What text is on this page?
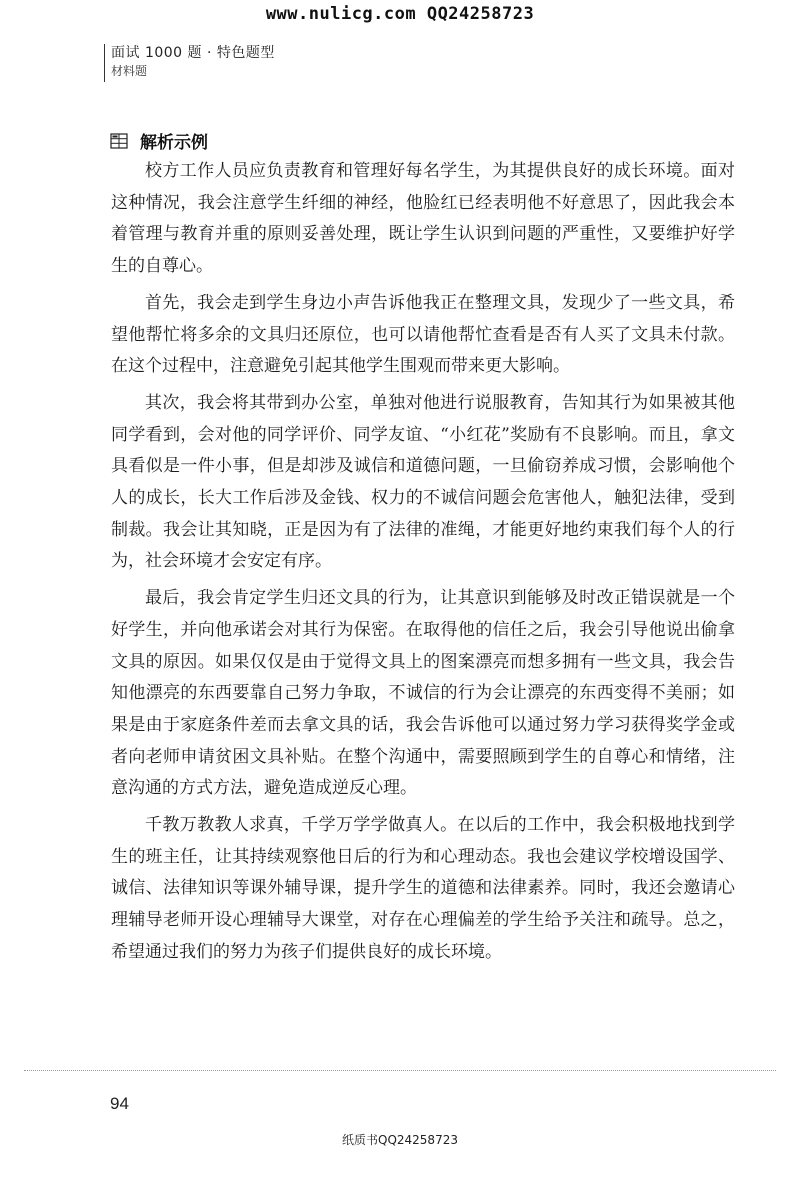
www.nulicg.com QQ24258723
面试 1000 题 · 特色题型
材料题
解析示例

校方工作人员应负责教育和管理好每名学生，为其提供良好的成长环境。面对这种情况，我会注意学生纤细的神经，他脸红已经表明他不好意思了，因此我会本着管理与教育并重的原则妥善处理，既让学生认识到问题的严重性，又要维护好学生的自尊心。

首先，我会走到学生身边小声告诉他我正在整理文具，发现少了一些文具，希望他帮忙将多余的文具归还原位，也可以请他帮忙查看是否有人买了文具未付款。在这个过程中，注意避免引起其他学生围观而带来更大影响。

其次，我会将其带到办公室，单独对他进行说服教育，告知其行为如果被其他同学看到，会对他的同学评价、同学友谊、“小红花”奖励有不良影响。而且，拿文具看似是一件小事，但是却涉及诚信和道德问题，一旦偷窃养成习惯，会影响他个人的成长，长大工作后涉及金钱、权力的不诚信问题会危害他人，触犯法律，受到制裁。我会让其知晓，正是因为有了法律的准绳，才能更好地约束我们每个人的行为，社会环境才会安定有序。

最后，我会肯定学生归还文具的行为，让其意识到能够及时改正错误就是一个好学生，并向他承诺会对其行为保密。在取得他的信任之后，我会引导他说出偷拿文具的原因。如果仅仅是由于觉得文具上的图案漂亮而想多拥有一些文具，我会告知他漂亮的东西要靠自己努力争取，不诚信的行为会让漂亮的东西变得不美丽；如果是由于家庭条件差而去拿文具的话，我会告诉他可以通过努力学习获得奖学金或者向老师申请贫困文具补贴。在整个沟通中，需要照顾到学生的自尊心和情绪，注意沟通的方式方法，避免造成逆反心理。

千教万教教人求真，千学万学学做真人。在以后的工作中，我会积极地找到学生的班主任，让其持续观察他日后的行为和心理动态。我也会建议学校增设国学、诚信、法律知识等课外辅导课，提升学生的道德和法律素养。同时，我还会邀请心理辅导老师开设心理辅导大课堂，对存在心理偏差的学生给予关注和疏导。总之，希望通过我们的努力为孩子们提供良好的成长环境。

94
纸质书QQ24258723
